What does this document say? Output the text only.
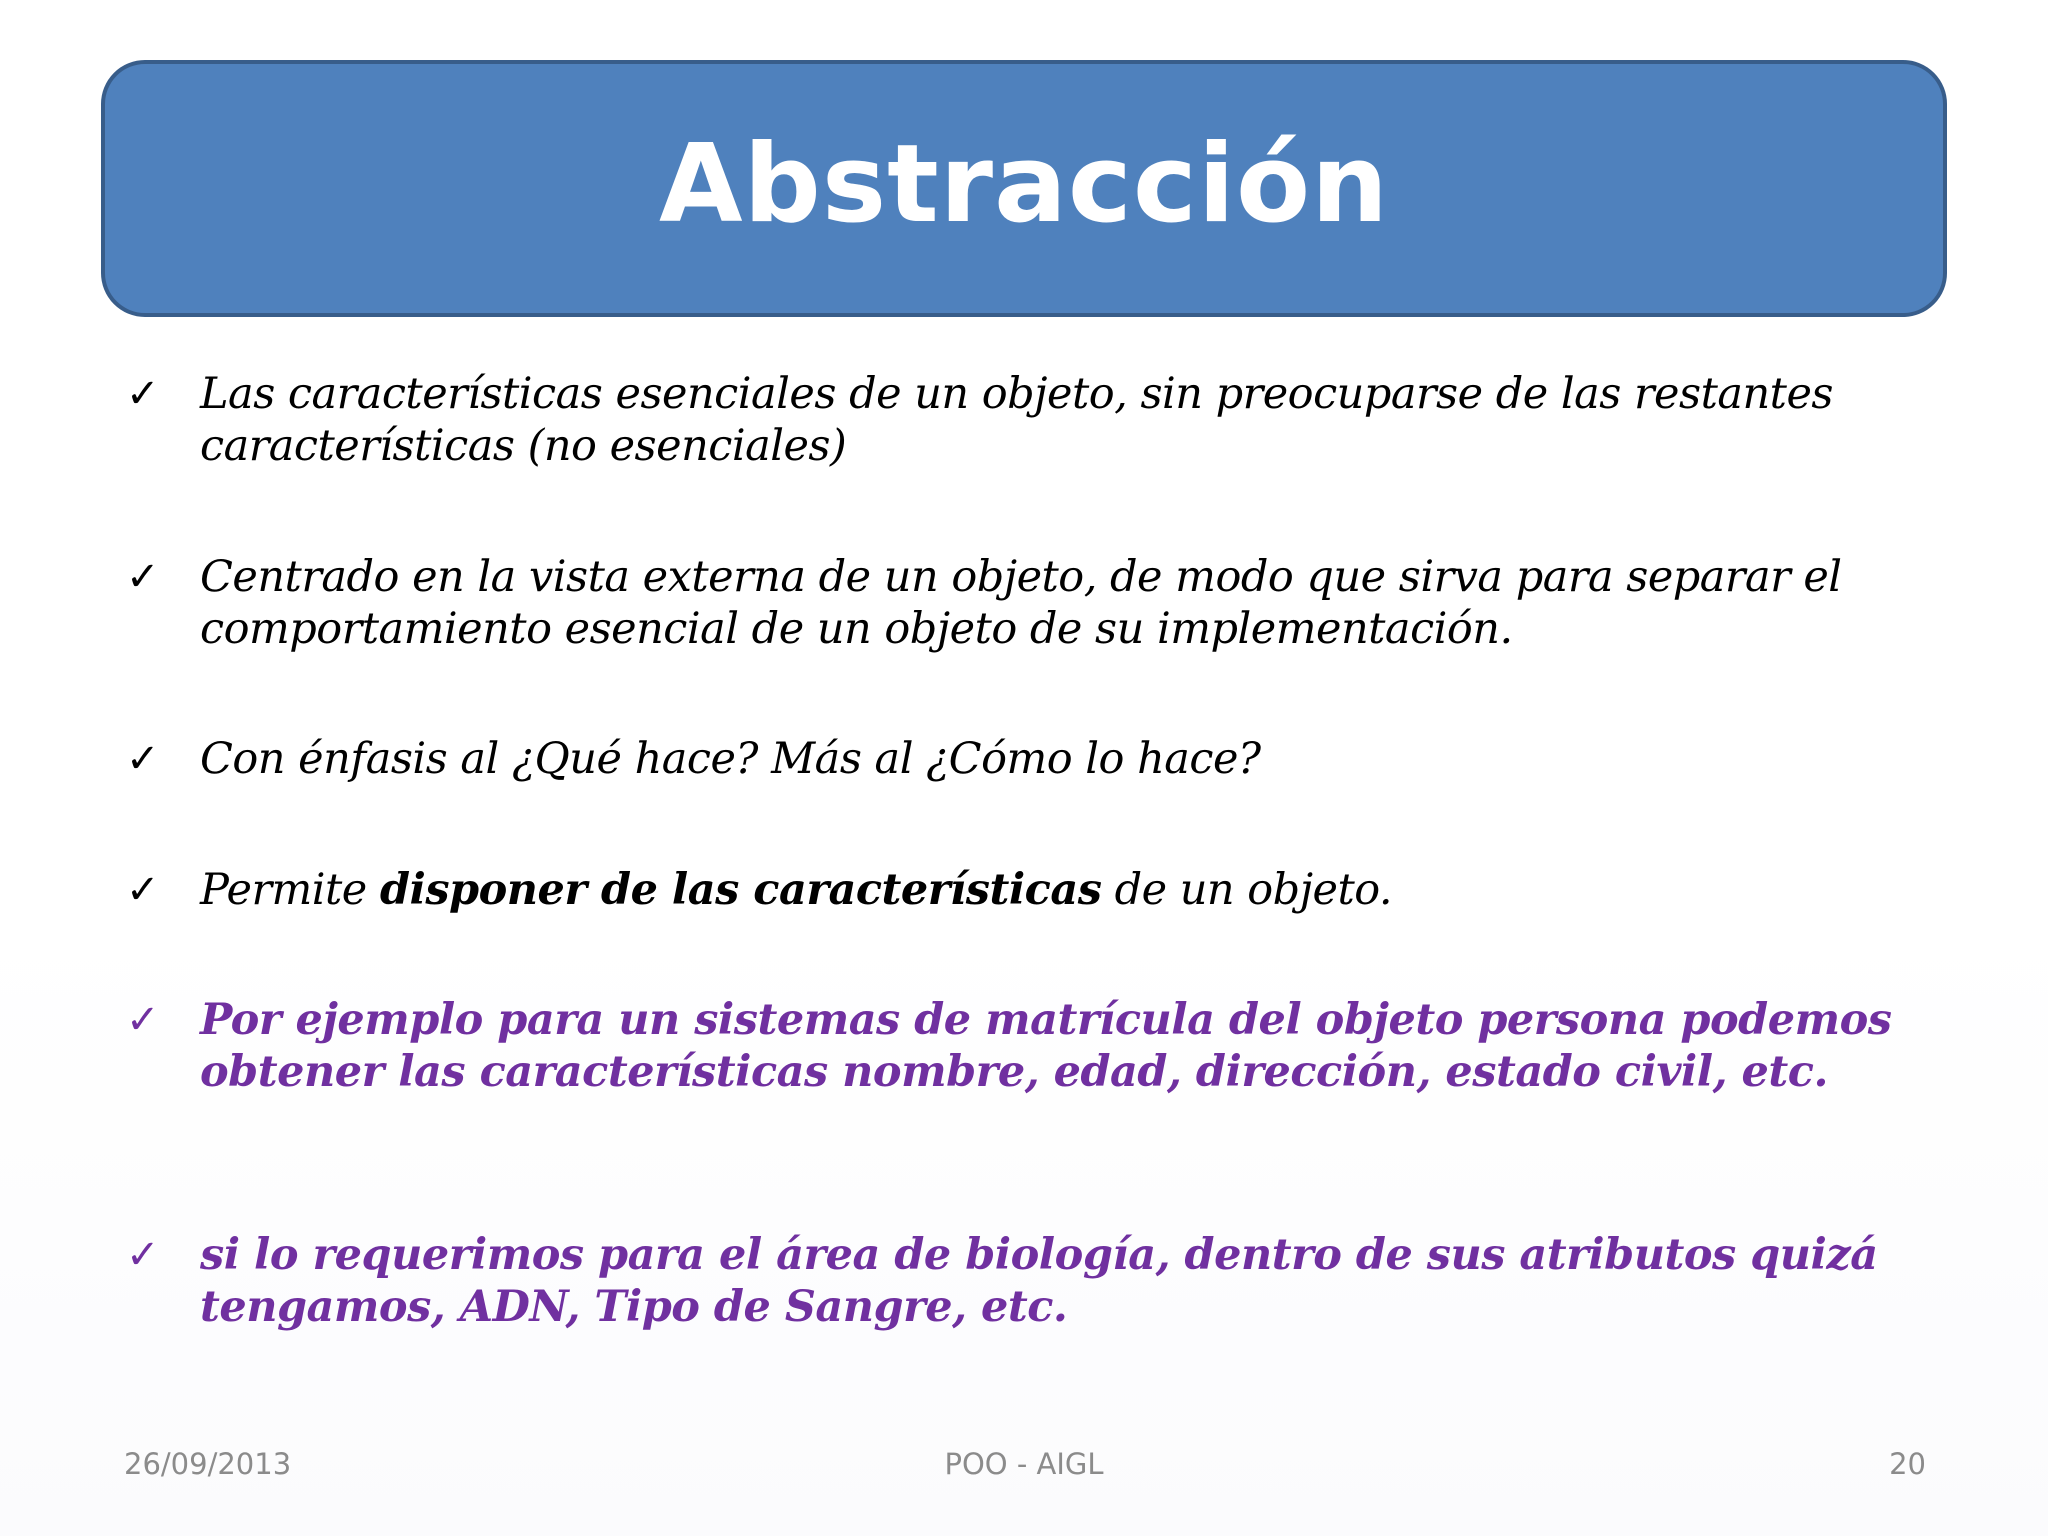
Abstracción
✓ Las características esenciales de un objeto, sin preocuparse de las restantes características (no esenciales)
✓ Centrado en la vista externa de un objeto, de modo que sirva para separar el comportamiento esencial de un objeto de su implementación.
✓ Con énfasis al ¿Qué hace? Más al ¿Cómo lo hace?
✓ Permite disponer de las características de un objeto.
✓ Por ejemplo para un sistemas de matrícula del objeto persona podemos obtener las características nombre, edad, dirección, estado civil, etc.
✓ si lo requerimos para el área de biología, dentro de sus atributos quizá tengamos, ADN, Tipo de Sangre, etc.
26/09/2013	POO - AIGL	20
